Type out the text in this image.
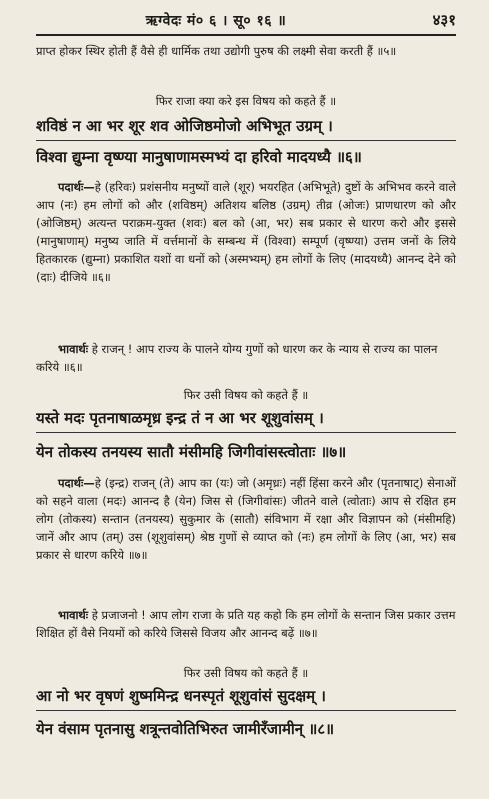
ऋग्वेदः मं० ६ । सू० १६ ॥	४३१
प्राप्त होकर स्थिर होती हैं वैसे ही धार्मिक तथा उद्योगी पुरुष की लक्ष्मी सेवा करती हैं ॥५॥
फिर राजा क्या करे इस विषय को कहते हैं ॥
शविष्ठं न आ भर शूर शव ओजिष्ठमोजो अभिभूत उग्रम् ।
विश्वा द्युम्ना वृष्ण्या मानुषाणामस्मभ्यं दा हरिवो मादयध्यै ॥६॥
पदार्थः—हे (हरिवः) प्रशंसनीय मनुष्यों वाले (शूर) भयरहित (अभिभूते) दुष्टों के अभिभव करने वाले आप (नः) हम लोगों को और (शविष्ठम्) अतिशय बलिष्ठ (उग्रम्) तीव्र (ओजः) प्राणधारण को और (ओजिष्ठम्) अत्यन्त पराक्रम-युक्त (शवः) बल को (आ, भर) सब प्रकार से धारण करो और इससे (मानुषाणाम्) मनुष्य जाति में वर्त्तमानों के सम्बन्ध में (विश्वा) सम्पूर्ण (वृष्ण्या) उत्तम जनों के लिये हितकारक (द्युम्ना) प्रकाशित यशों वा धनों को (अस्मभ्यम्) हम लोगों के लिए (मादयध्यै) आनन्द देने को (दाः) दीजिये ॥६॥
भावार्थः हे राजन् ! आप राज्य के पालने योग्य गुणों को धारण कर के न्याय से राज्य का पालन करिये ॥६॥
फिर उसी विषय को कहते हैं ॥
यस्ते मदः पृतनाषाळमृध्र इन्द्र तं न आ भर शूशुवांसम् ।
येन तोकस्य तनयस्य सातौ मंसीमहि जिगीवांसस्त्वोताः ॥७॥
पदार्थः—हे (इन्द्र) राजन् (ते) आप का (यः) जो (अमृध्रः) नहीं हिंसा करने और (पृतनाषाट्) सेनाओं को सहने वाला (मदः) आनन्द है (येन) जिस से (जिगीवांसः) जीतने वाले (त्वोताः) आप से रक्षित हम लोग (तोकस्य) सन्तान (तनयस्य) सुकुमार के (सातौ) संविभाग में रक्षा और विज्ञापन को (मंसीमहि) जानें और आप (तम्) उस (शूशुवांसम्) श्रेष्ठ गुणों से व्याप्त को (नः) हम लोगों के लिए (आ, भर) सब प्रकार से धारण करिये ॥७॥
भावार्थः हे प्रजाजनो ! आप लोग राजा के प्रति यह कहो कि हम लोगों के सन्तान जिस प्रकार उत्तम शिक्षित हों वैसे नियमों को करिये जिससे विजय और आनन्द बढ़ें ॥७॥
फिर उसी विषय को कहते हैं ॥
आ नो भर वृषणं शुष्ममिन्द्र धनस्पृतं शूशुवांसं सुदक्षम् ।
येन वंसाम पृतनासु शत्रून्तवोतिभिरुत जामीरँजामीन् ॥८॥
